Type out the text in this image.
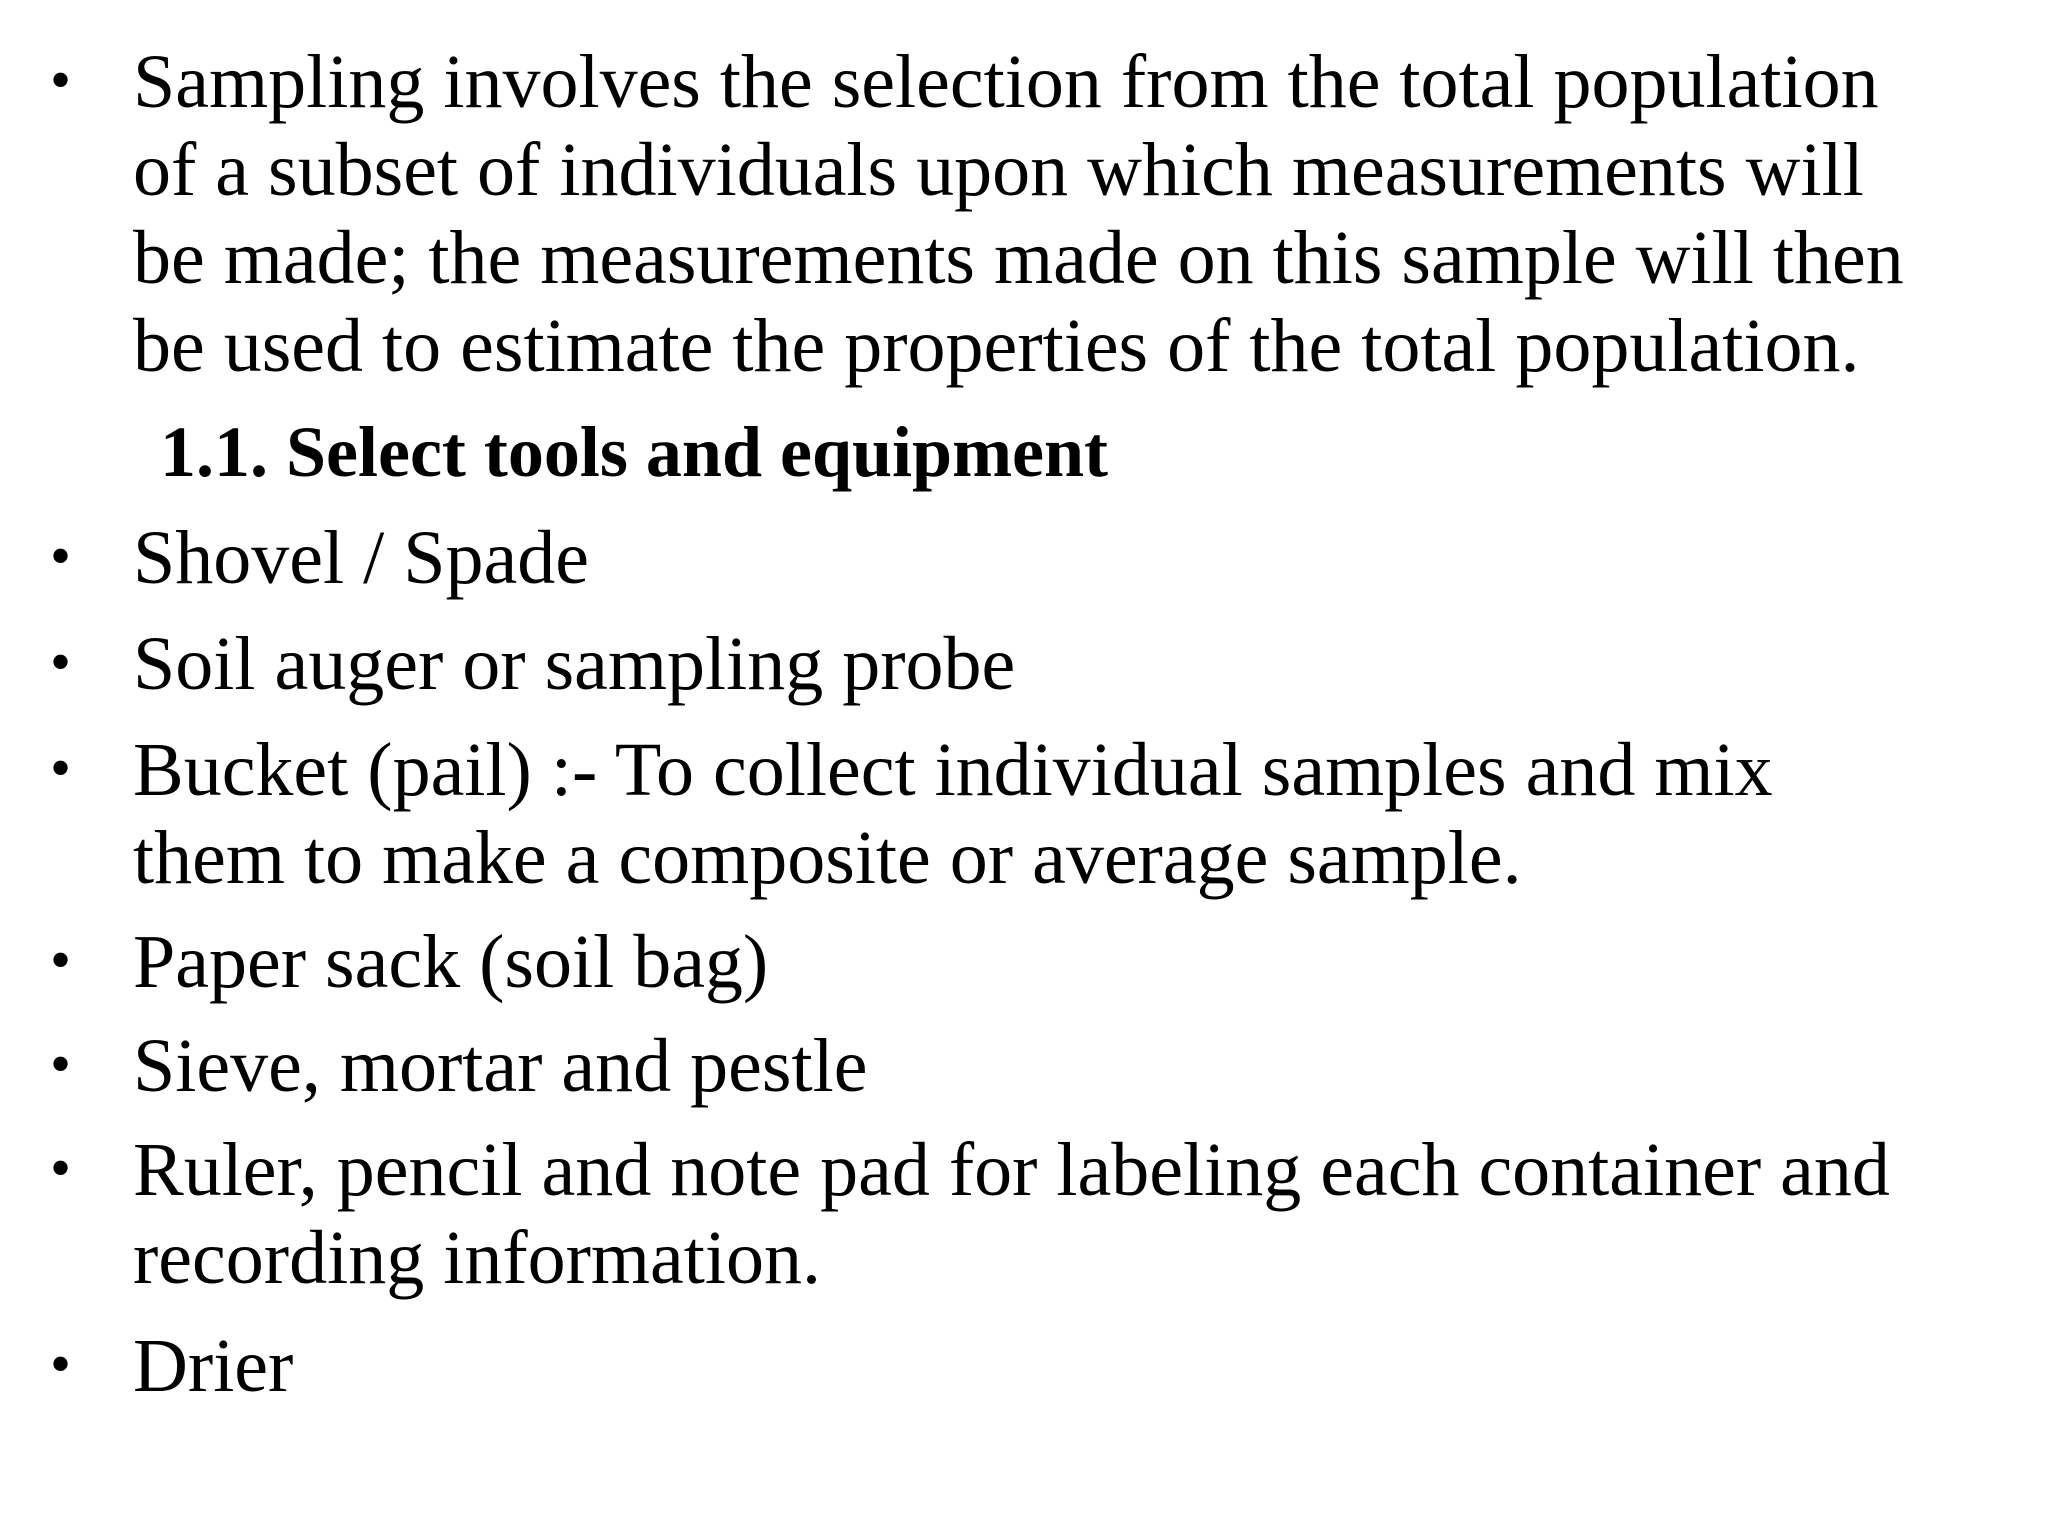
• Sampling involves the selection from the total population

of a subset of individuals upon which measurements will

be made; the measurements made on this sample will then

be used to estimate the properties of the total population.

1.1. Select tools and equipment
• Shovel / Spade

• Soil auger or sampling probe

• Bucket (pail) :- To collect individual samples and mix

them to make a composite or average sample.

• Paper sack (soil bag)

• Sieve, mortar and pestle

• Ruler, pencil and note pad for labeling each container and

recording information.

• Drier
